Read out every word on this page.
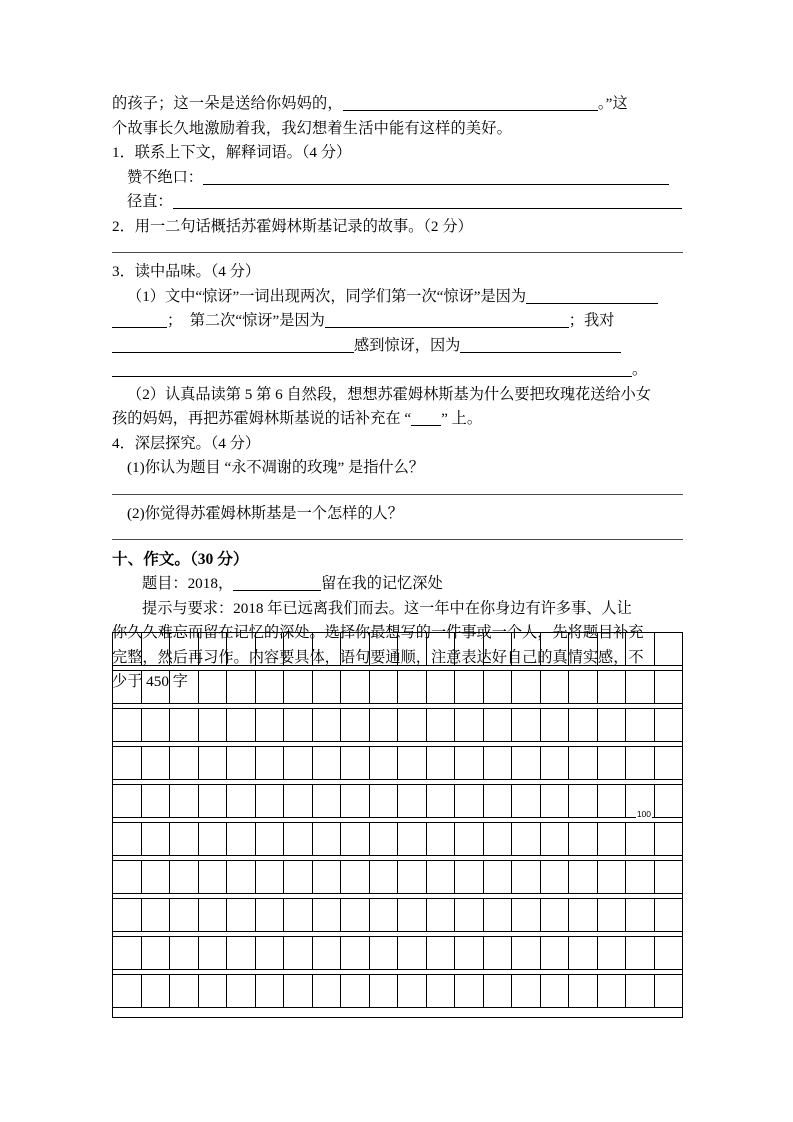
的孩子；这一朵是送给你妈妈的，	。”这
个故事长久地激励着我，我幻想着生活中能有这样的美好。
1．联系上下文，解释词语。（4 分）
赞不绝口：
径直：
2．用一二句话概括苏霍姆林斯基记录的故事。（2 分）
3．读中品味。（4 分）
（1）文中“惊讶”一词出现两次，同学们第一次“惊讶”是因为
；  第二次“惊讶”是因为	；我对
感到惊讶，因为
。
（2）认真品读第 5 第 6 自然段，想想苏霍姆林斯基为什么要把玫瑰花送给小女
孩的妈妈，再把苏霍姆林斯基说的话补充在 “ ” 上。
4．深层探究。（4 分）
(1)你认为题目 “永不凋谢的玫瑰” 是指什么？
(2)你觉得苏霍姆林斯基是一个怎样的人？
十、作文。（30 分）
题目：2018，	留在我的记忆深处
提示与要求：2018 年已远离我们而去。这一年中在你身边有许多事、人让
你久久难忘而留在记忆的深处。选择你最想写的一件事或一个人，先将题目补充
完整，然后再习作。内容要具体，语句要通顺，注意表达好自己的真情实感，不
少于 450 字
100
